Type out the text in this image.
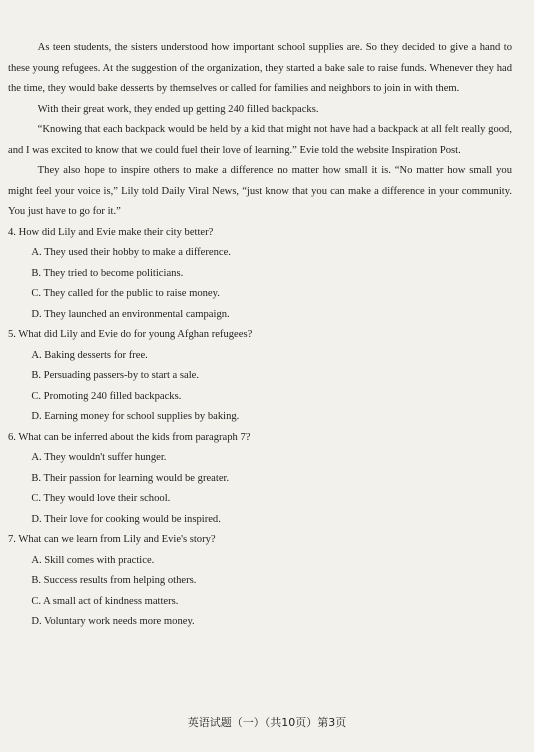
As teen students, the sisters understood how important school supplies are. So they decided to give a hand to these young refugees. At the suggestion of the organization, they started a bake sale to raise funds. Whenever they had the time, they would bake desserts by themselves or called for families and neighbors to join in with them.

With their great work, they ended up getting 240 filled backpacks.

“Knowing that each backpack would be held by a kid that might not have had a backpack at all felt really good, and I was excited to know that we could fuel their love of learning.” Evie told the website Inspiration Post.

They also hope to inspire others to make a difference no matter how small it is. “No matter how small you might feel your voice is,” Lily told Daily Viral News, “just know that you can make a difference in your community. You just have to go for it.”

4. How did Lily and Evie make their city better?

A. They used their hobby to make a difference.

B. They tried to become politicians.

C. They called for the public to raise money.

D. They launched an environmental campaign.

5. What did Lily and Evie do for young Afghan refugees?

A. Baking desserts for free.

B. Persuading passers-by to start a sale.

C. Promoting 240 filled backpacks.

D. Earning money for school supplies by baking.

6. What can be inferred about the kids from paragraph 7?

A. They wouldn't suffer hunger.

B. Their passion for learning would be greater.

C. They would love their school.

D. Their love for cooking would be inspired.

7. What can we learn from Lily and Evie's story?

A. Skill comes with practice.

B. Success results from helping others.

C. A small act of kindness matters.

D. Voluntary work needs more money.

英语试题（一）（共10页）第3页
